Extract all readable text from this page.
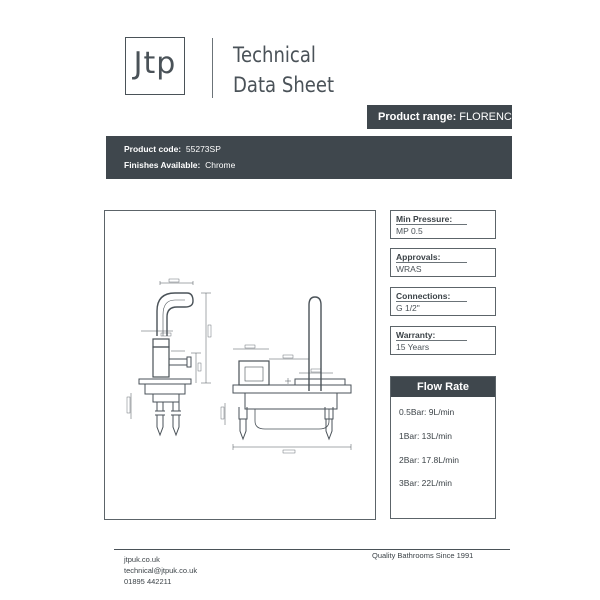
Jtp	Technical
Data Sheet
Product range: FLORENCE
Product code: 55273SP
Finishes Available: Chrome
Min Pressure:
MP 0.5
Approvals:
WRAS
Connections:
G 1/2"
Warranty:
15 Years
Flow Rate
0.5Bar: 9L/min
1Bar: 13L/min
2Bar: 17.8L/min
3Bar: 22L/min
jtpuk.co.uk
technical@jtpuk.co.uk
01895 442211
Quality Bathrooms Since 1991
